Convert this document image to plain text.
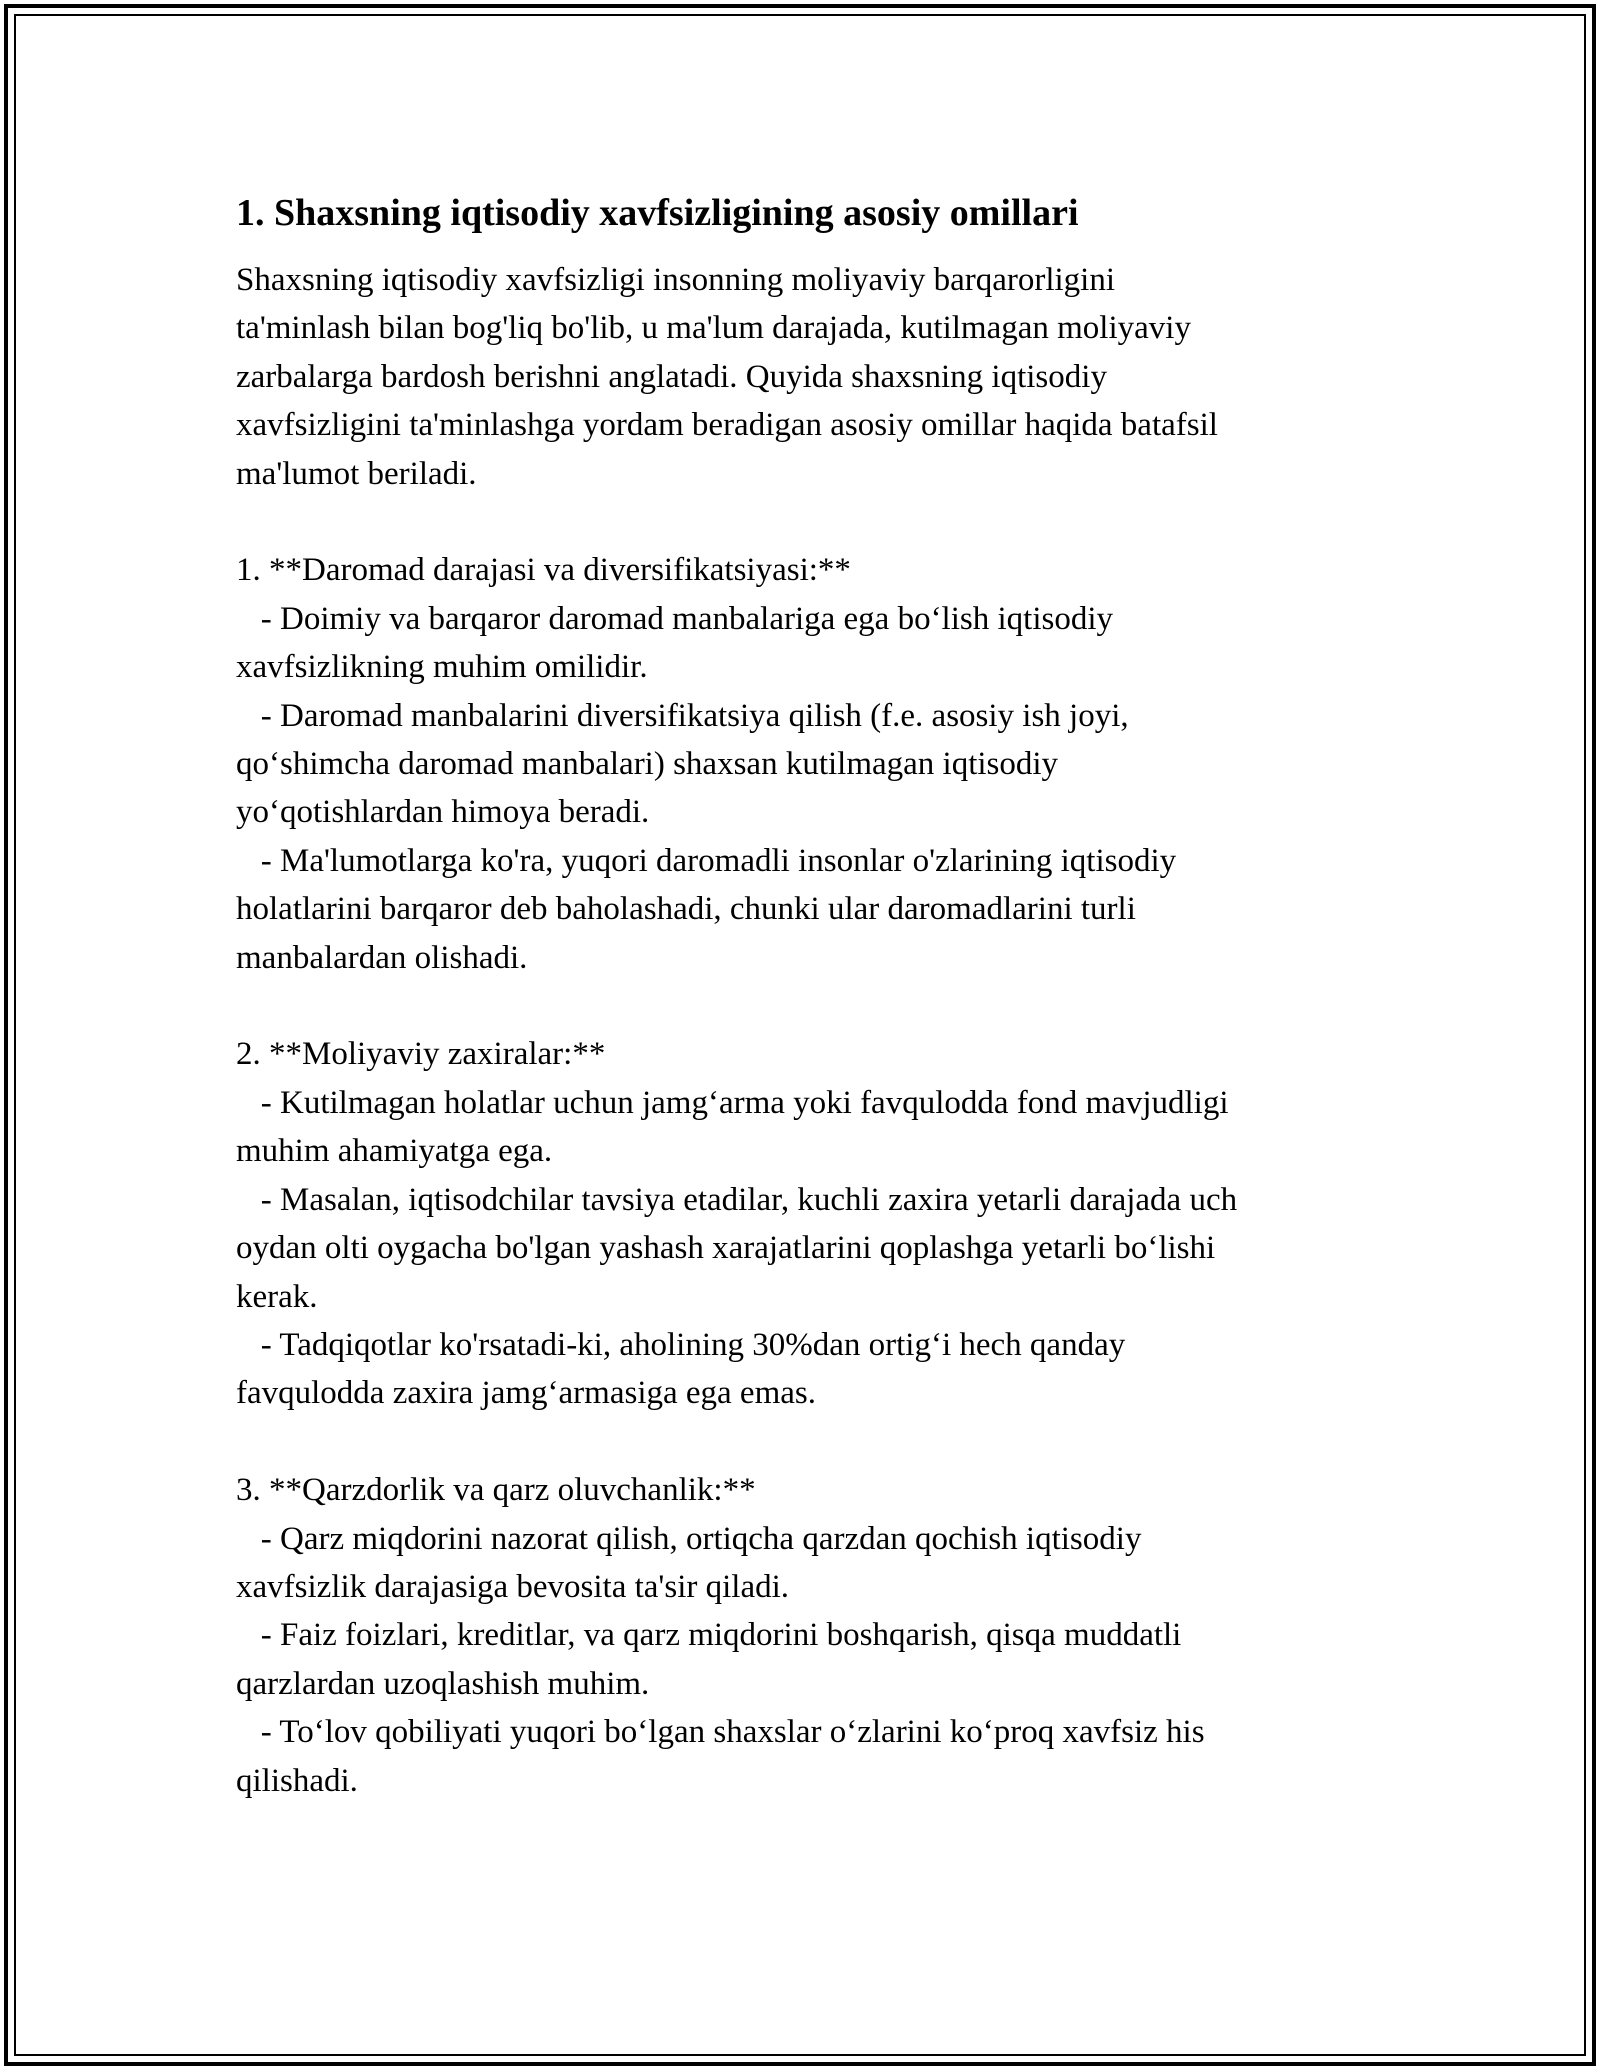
1. Shaxsning iqtisodiy xavfsizligining asosiy omillari
Shaxsning iqtisodiy xavfsizligi insonning moliyaviy barqarorligini
ta'minlash bilan bog'liq bo'lib, u ma'lum darajada, kutilmagan moliyaviy
zarbalarga bardosh berishni anglatadi. Quyida shaxsning iqtisodiy
xavfsizligini ta'minlashga yordam beradigan asosiy omillar haqida batafsil
ma'lumot beriladi.
1. **Daromad darajasi va diversifikatsiyasi:**
- Doimiy va barqaror daromad manbalariga ega bo‘lish iqtisodiy
xavfsizlikning muhim omilidir.
- Daromad manbalarini diversifikatsiya qilish (f.e. asosiy ish joyi,
qo‘shimcha daromad manbalari) shaxsan kutilmagan iqtisodiy
yo‘qotishlardan himoya beradi.
- Ma'lumotlarga ko'ra, yuqori daromadli insonlar o'zlarining iqtisodiy
holatlarini barqaror deb baholashadi, chunki ular daromadlarini turli
manbalardan olishadi.
2. **Moliyaviy zaxiralar:**
- Kutilmagan holatlar uchun jamg‘arma yoki favqulodda fond mavjudligi
muhim ahamiyatga ega.
- Masalan, iqtisodchilar tavsiya etadilar, kuchli zaxira yetarli darajada uch
oydan olti oygacha bo'lgan yashash xarajatlarini qoplashga yetarli bo‘lishi
kerak.
- Tadqiqotlar ko'rsatadi-ki, aholining 30%dan ortig‘i hech qanday
favqulodda zaxira jamg‘armasiga ega emas.
3. **Qarzdorlik va qarz oluvchanlik:**
- Qarz miqdorini nazorat qilish, ortiqcha qarzdan qochish iqtisodiy
xavfsizlik darajasiga bevosita ta'sir qiladi.
- Faiz foizlari, kreditlar, va qarz miqdorini boshqarish, qisqa muddatli
qarzlardan uzoqlashish muhim.
- To‘lov qobiliyati yuqori bo‘lgan shaxslar o‘zlarini ko‘proq xavfsiz his
qilishadi.
